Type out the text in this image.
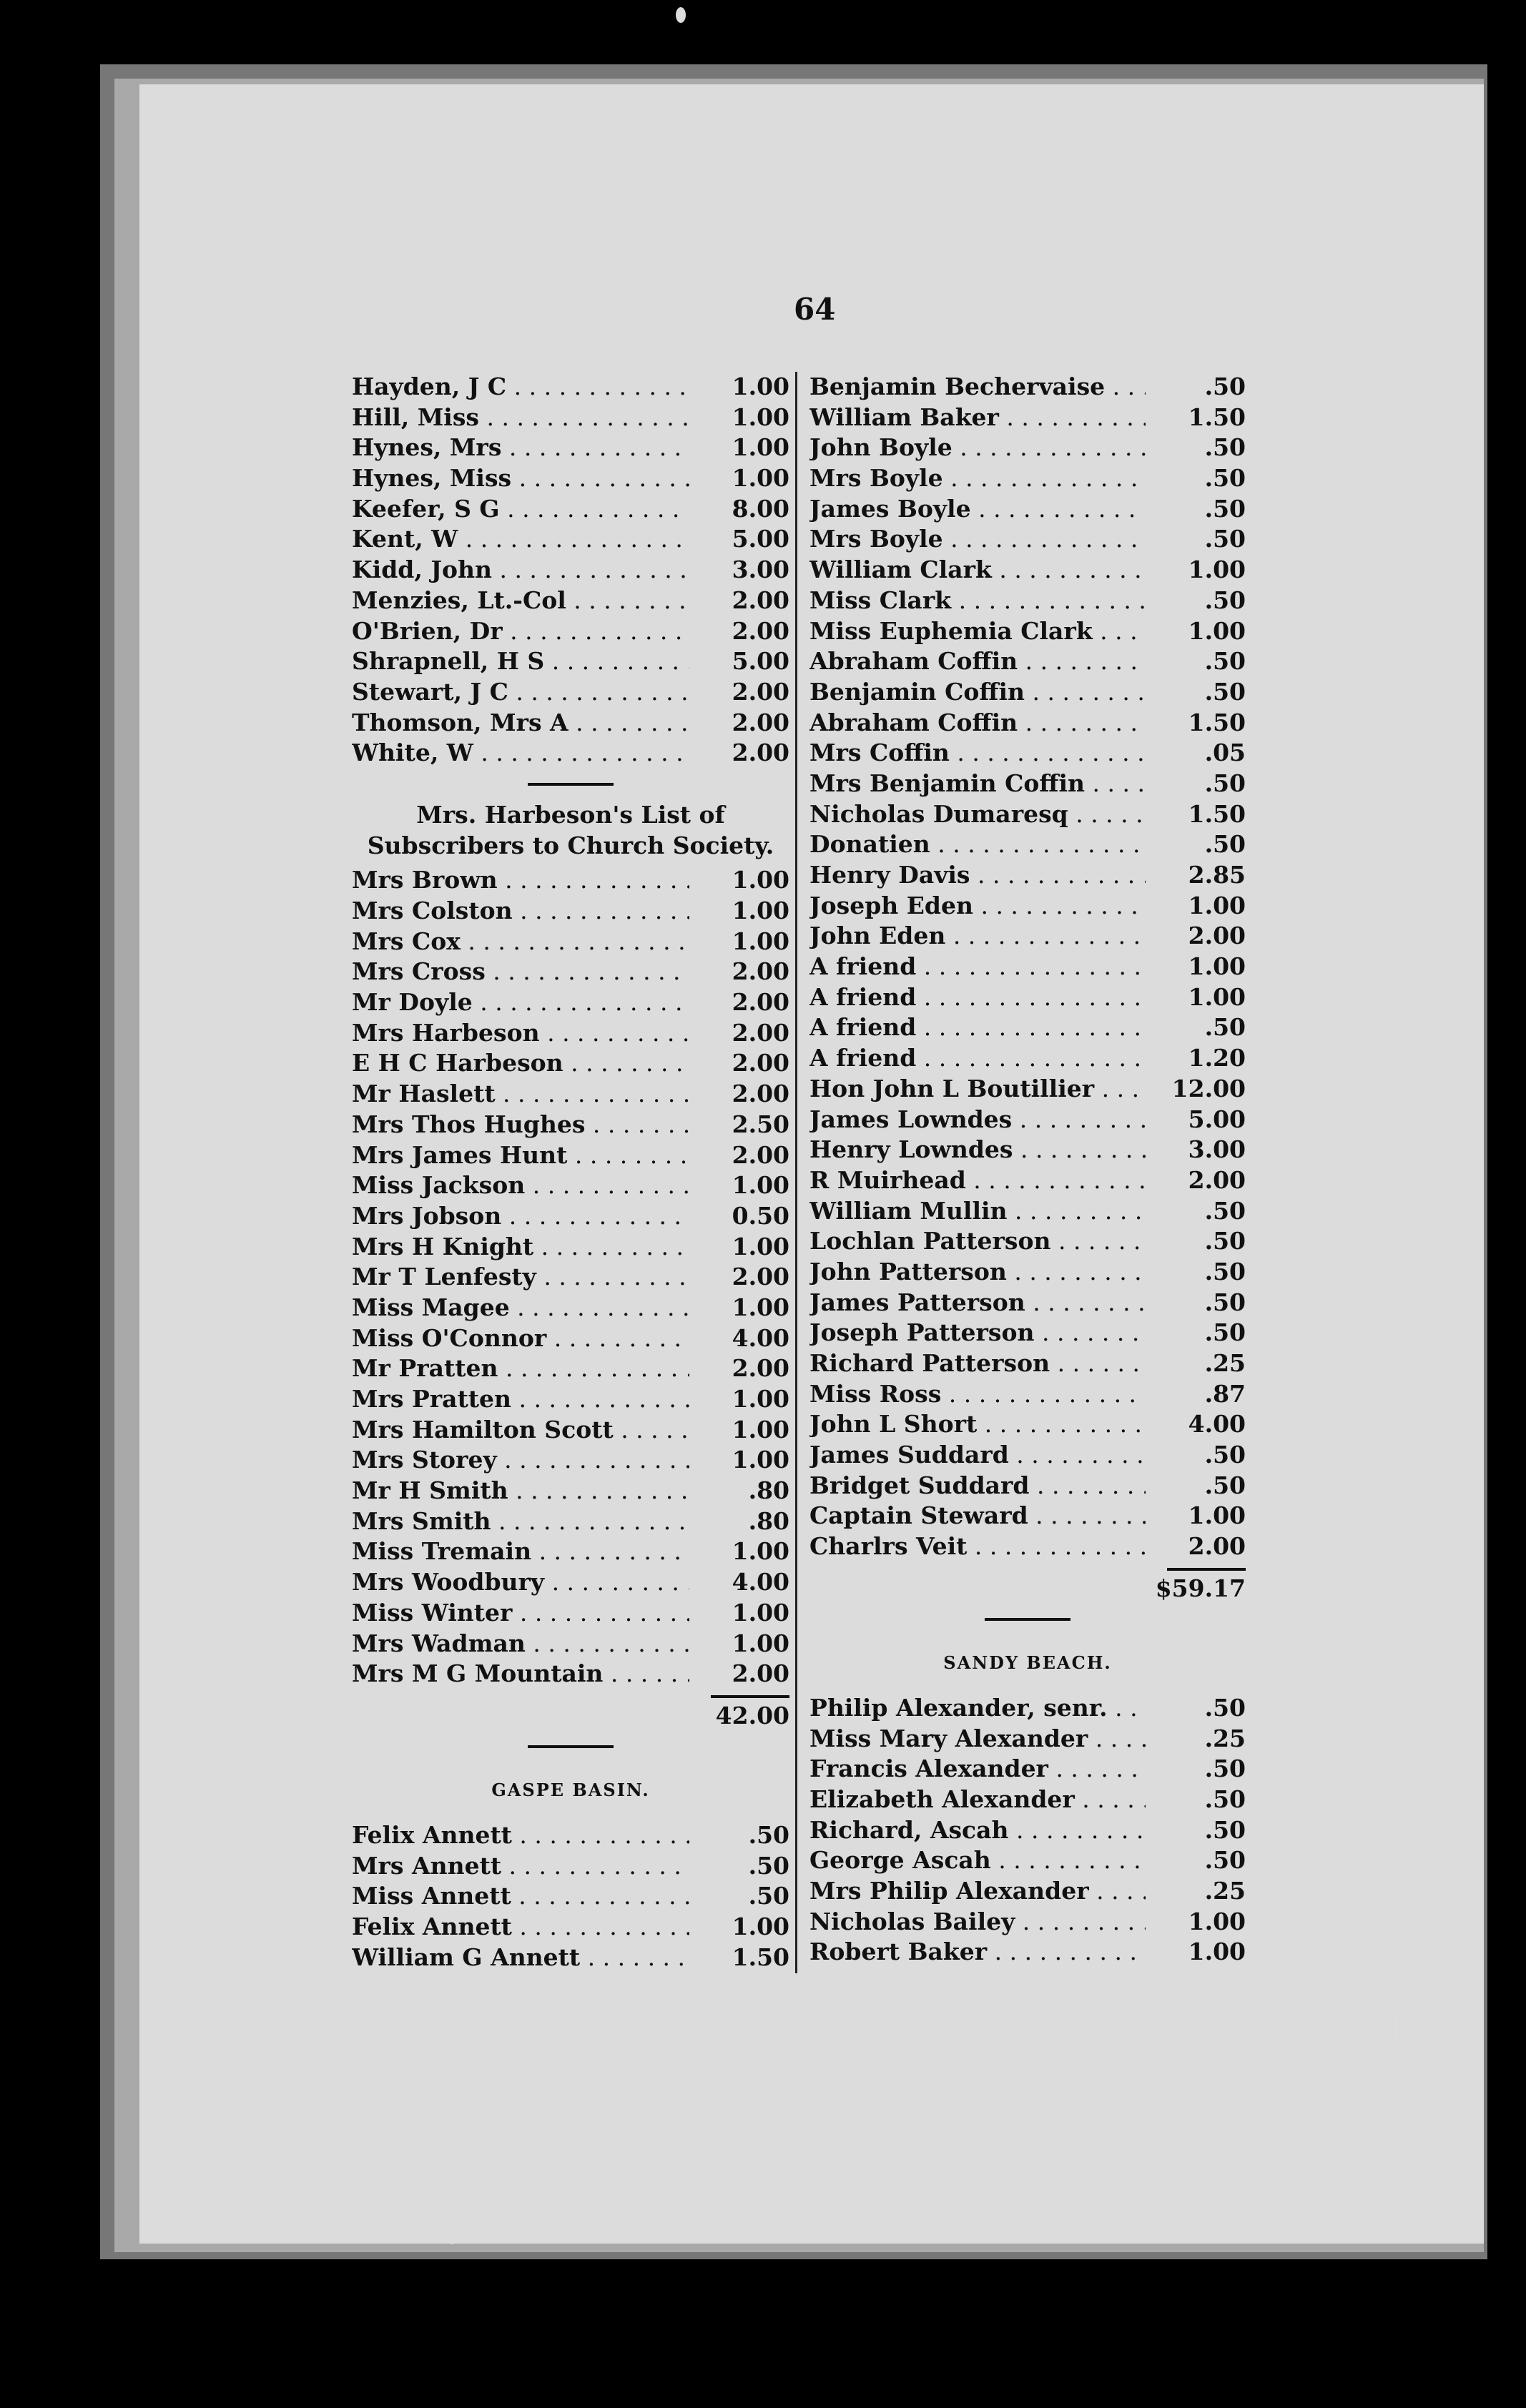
64
Hayden, J C . . .	1.00
Hill, Miss . . .	1.00
Hynes, Mrs . . .	1.00
Hynes, Miss . . .	1.00
Keefer, S G . . .	8.00
Kent, W . . .	5.00
Kidd, John . . .	3.00
Menzies, Lt.-Col . . .	2.00
O'Brien, Dr . . .	2.00
Shrapnell, H S . . .	5.00
Stewart, J C . . .	2.00
Thomson, Mrs A . . .	2.00
White, W . . .	2.00
Mrs. Harbeson's List of Subscribers to Church Society.
Mrs Brown . . .	1.00
Mrs Colston . . .	1.00
Mrs Cox . . .	1.00
Mrs Cross . . .	2.00
Mr Doyle . . .	2.00
Mrs Harbeson . . .	2.00
E H C Harbeson . . .	2.00
Mr Haslett . . .	2.00
Mrs Thos Hughes . . .	2.50
Mrs James Hunt . . .	2.00
Miss Jackson . . .	1.00
Mrs Jobson . . .	0.50
Mrs H Knight . . .	1.00
Mr T Lenfesty . . .	2.00
Miss Magee . . .	1.00
Miss O'Connor . . .	4.00
Mr Pratten . . .	2.00
Mrs Pratten . . .	1.00
Mrs Hamilton Scott . . .	1.00
Mrs Storey . . .	1.00
Mr H Smith . . .	.80
Mrs Smith . . .	.80
Miss Tremain . . .	1.00
Mrs Woodbury . . .	4.00
Miss Winter . . .	1.00
Mrs Wadman . . .	1.00
Mrs M G Mountain . . .	2.00
42.00
GASPE BASIN.
Felix Annett . . .	.50
Mrs Annett . . .	.50
Miss Annett . . .	.50
Felix Annett . . .	1.00
William G Annett . . .	1.50
Benjamin Bechervaise . . .	.50
William Baker . . .	1.50
John Boyle . . .	.50
Mrs Boyle . . .	.50
James Boyle . . .	.50
Mrs Boyle . . .	.50
William Clark . . .	1.00
Miss Clark . . .	.50
Miss Euphemia Clark . . .	1.00
Abraham Coffin . . .	.50
Benjamin Coffin . . .	.50
Abraham Coffin . . .	1.50
Mrs Coffin . . .	.05
Mrs Benjamin Coffin . . .	.50
Nicholas Dumaresq . . .	1.50
Donatien . . .	.50
Henry Davis . . .	2.85
Joseph Eden . . .	1.00
John Eden . . .	2.00
A friend . . .	1.00
A friend . . .	1.00
A friend . . .	.50
A friend . . .	1.20
Hon John L Boutillier . . .	12.00
James Lowndes . . .	5.00
Henry Lowndes . . .	3.00
R Muirhead . . .	2.00
William Mullin . . .	.50
Lochlan Patterson . . .	.50
John Patterson . . .	.50
James Patterson . . .	.50
Joseph Patterson . . .	.50
Richard Patterson . . .	.25
Miss Ross . . .	.87
John L Short . . .	4.00
James Suddard . . .	.50
Bridget Suddard . . .	.50
Captain Steward . . .	1.00
Charlrs Veit . . .	2.00
$59.17
SANDY BEACH.
Philip Alexander, senr. . . .	.50
Miss Mary Alexander . . .	.25
Francis Alexander . . .	.50
Elizabeth Alexander . . .	.50
Richard, Ascah . . .	.50
George Ascah . . .	.50
Mrs Philip Alexander . . .	.25
Nicholas Bailey . . .	1.00
Robert Baker . . .	1.00
